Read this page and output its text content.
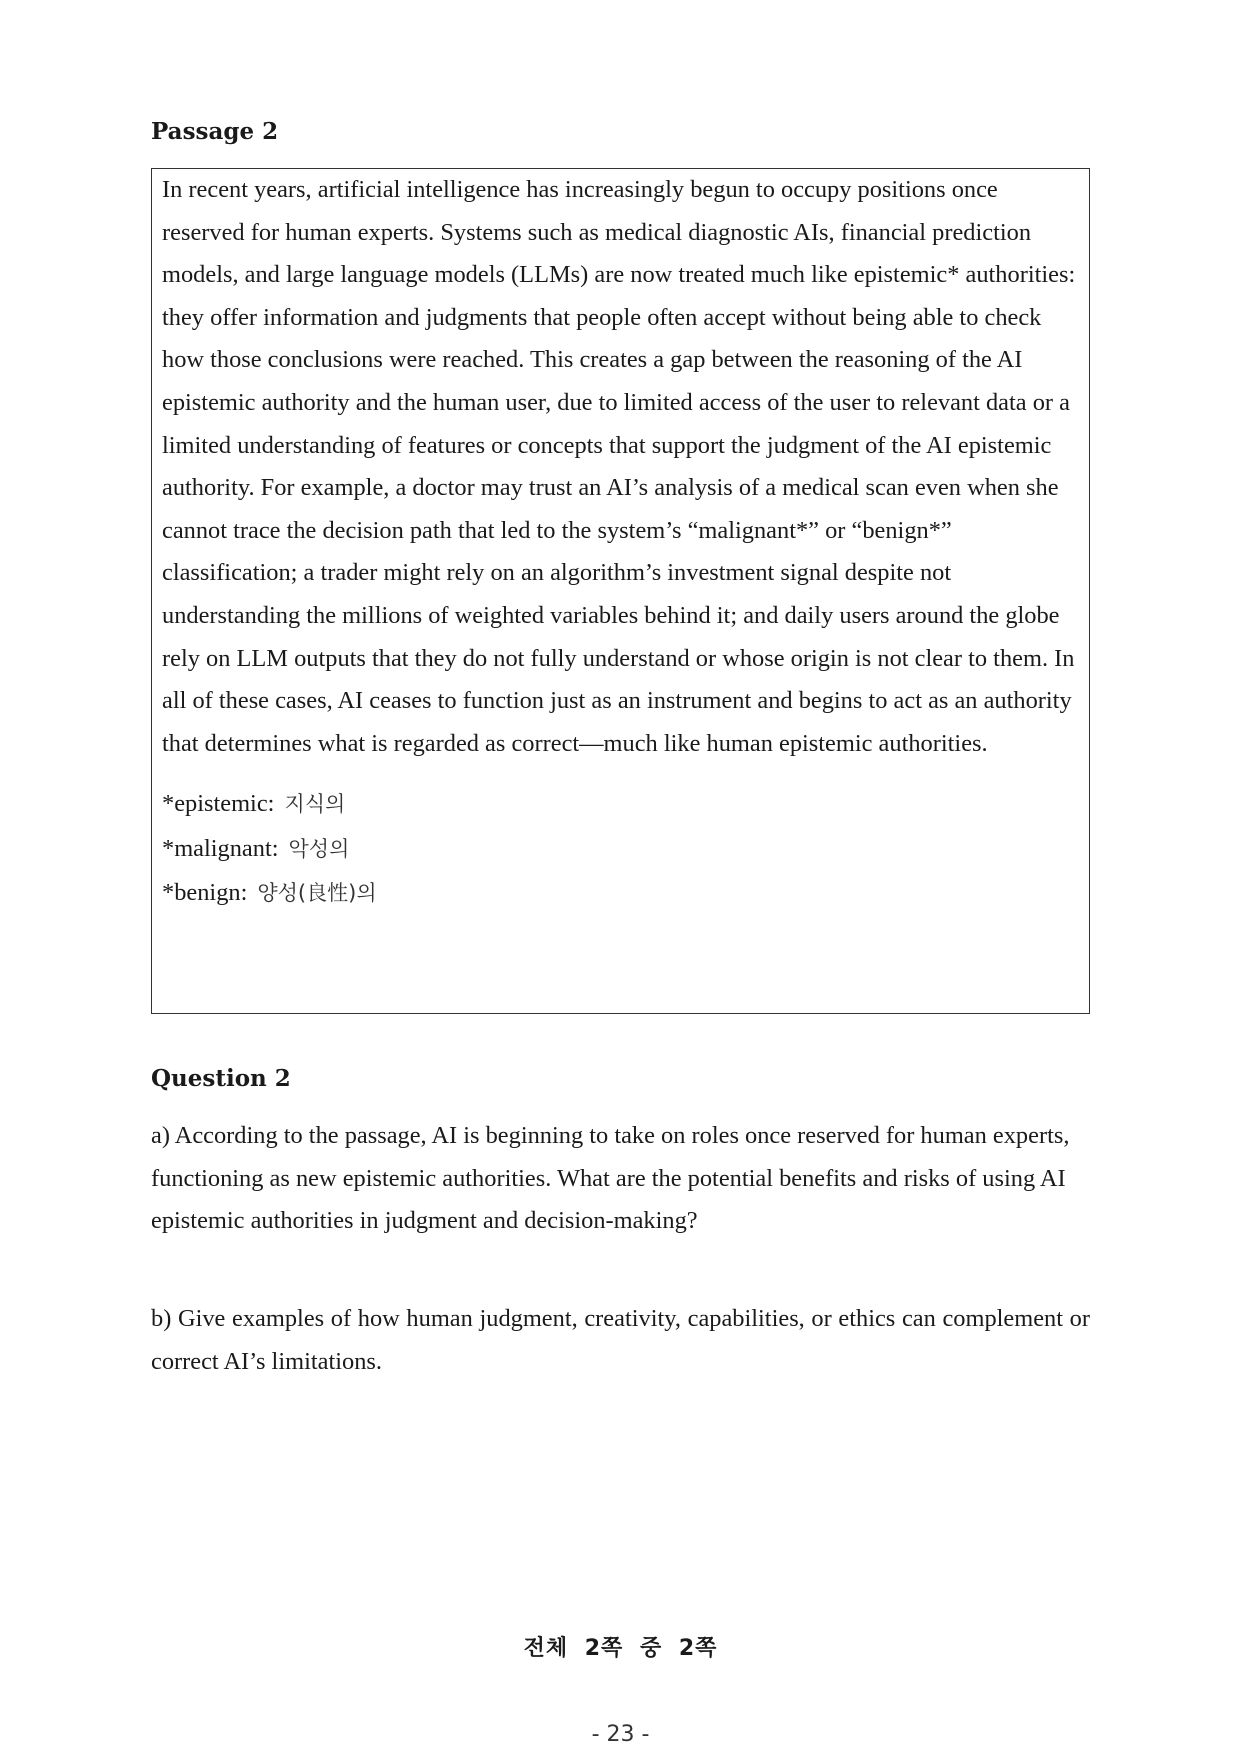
Passage 2

In recent years, artificial intelligence has increasingly begun to occupy positions once reserved for human experts. Systems such as medical diagnostic AIs, financial prediction models, and large language models (LLMs) are now treated much like epistemic* authorities: they offer information and judgments that people often accept without being able to check how those conclusions were reached. This creates a gap between the reasoning of the AI epistemic authority and the human user, due to limited access of the user to relevant data or a limited understanding of features or concepts that support the judgment of the AI epistemic authority. For example, a doctor may trust an AI’s analysis of a medical scan even when she cannot trace the decision path that led to the system’s “malignant*” or “benign*” classification; a trader might rely on an algorithm’s investment signal despite not understanding the millions of weighted variables behind it; and daily users around the globe rely on LLM outputs that they do not fully understand or whose origin is not clear to them. In all of these cases, AI ceases to function just as an instrument and begins to act as an authority that determines what is regarded as correct—much like human epistemic authorities.

*epistemic: 지식의
*malignant: 악성의
*benign: 양성(良性)의
Question 2

a) According to the passage, AI is beginning to take on roles once reserved for human experts, functioning as new epistemic authorities. What are the potential benefits and risks of using AI epistemic authorities in judgment and decision-making?

b) Give examples of how human judgment, creativity, capabilities, or ethics can complement or correct AI’s limitations.

전체 2쪽 중 2쪽
- 23 -
